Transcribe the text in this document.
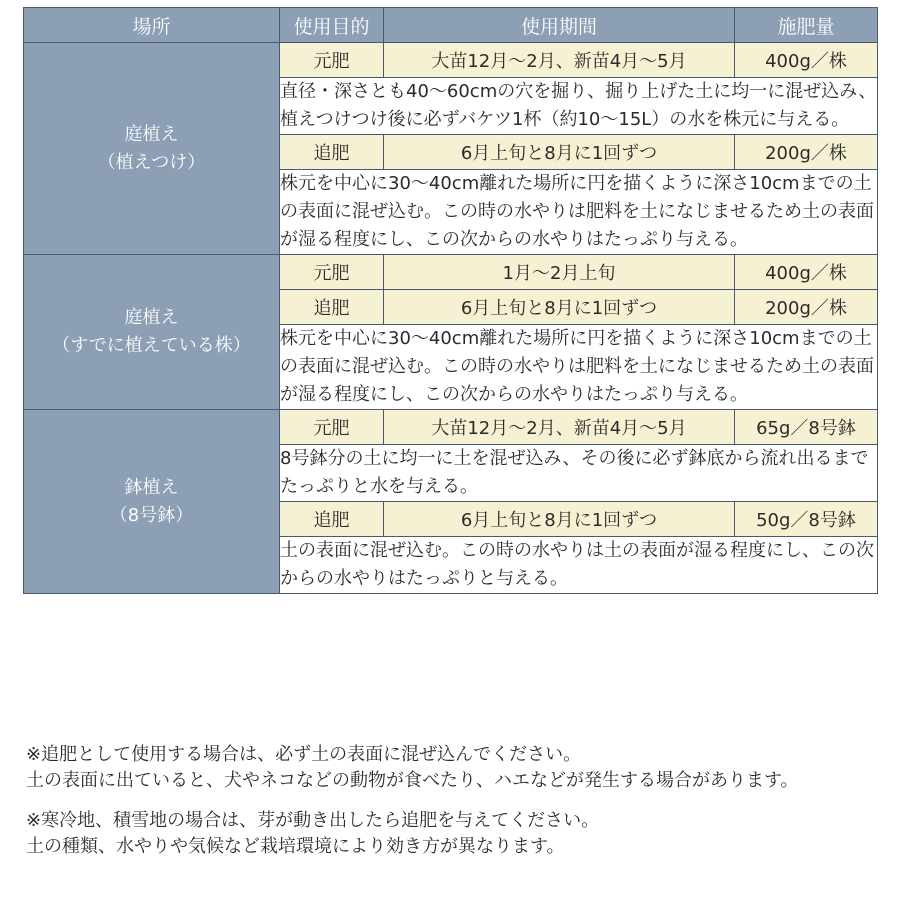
場所	使用目的	使用期間	施肥量

庭植え
（植えつけ）	元肥	大苗12月～2月、新苗4月～5月	400g／株
	直径・深さとも40～60cmの穴を掘り、掘り上げた土に均一に混ぜ込み、植えつけつけ後に必ずバケツ1杯（約10～15L）の水を株元に与える。		
	追肥	6月上旬と8月に1回ずつ	200g／株
	株元を中心に30～40cm離れた場所に円を描くように深さ10cmまでの土の表面に混ぜ込む。この時の水やりは肥料を土になじませるため土の表面が湿る程度にし、この次からの水やりはたっぷり与える。		

庭植え
（すでに植えている株）	元肥	1月～2月上旬	400g／株
	追肥	6月上旬と8月に1回ずつ	200g／株
	株元を中心に30～40cm離れた場所に円を描くように深さ10cmまでの土の表面に混ぜ込む。この時の水やりは肥料を土になじませるため土の表面が湿る程度にし、この次からの水やりはたっぷり与える。		

鉢植え
（8号鉢）	元肥	大苗12月～2月、新苗4月～5月	65g／8号鉢
	8号鉢分の土に均一に土を混ぜ込み、その後に必ず鉢底から流れ出るまでたっぷりと水を与える。		
	追肥	6月上旬と8月に1回ずつ	50g／8号鉢
	土の表面に混ぜ込む。この時の水やりは土の表面が湿る程度にし、この次からの水やりはたっぷりと与える。		

※追肥として使用する場合は、必ず土の表面に混ぜ込んでください。

土の表面に出ていると、犬やネコなどの動物が食べたり、ハエなどが発生する場合があります。

※寒冷地、積雪地の場合は、芽が動き出したら追肥を与えてください。

土の種類、水やりや気候など栽培環境により効き方が異なります。
